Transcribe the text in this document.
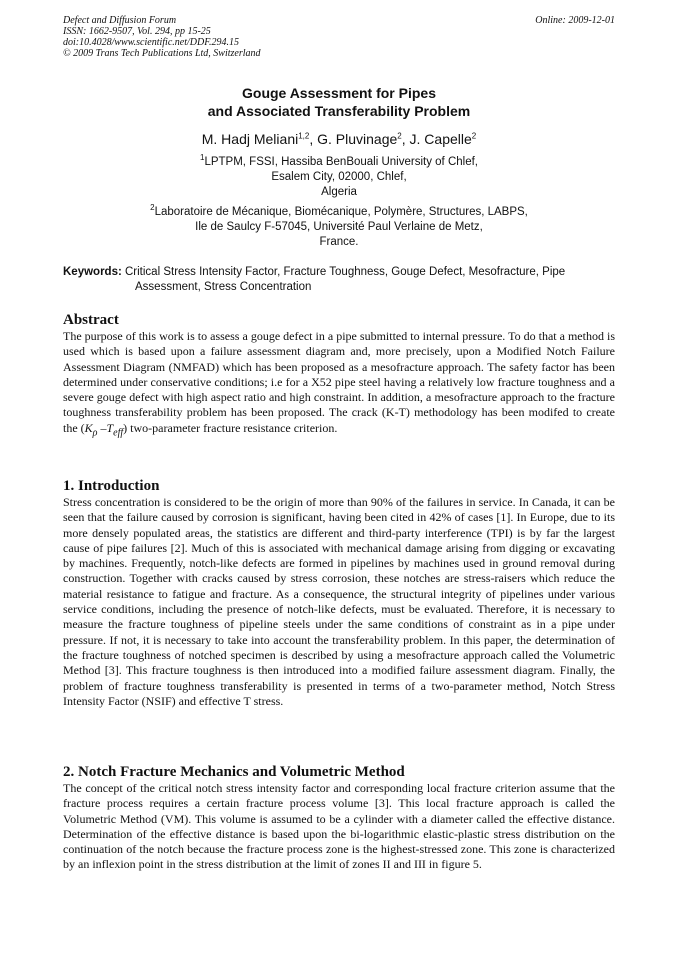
Defect and Diffusion Forum
ISSN: 1662-9507, Vol. 294, pp 15-25
doi:10.4028/www.scientific.net/DDF.294.15
© 2009 Trans Tech Publications Ltd, Switzerland
Online: 2009-12-01
Gouge Assessment for Pipes
and Associated Transferability Problem
M. Hadj Meliani$^{1,2}$, G. Pluvinage$^2$, J. Capelle$^2$
$^1$LPTPM, FSSI, Hassiba BenBouali University of Chlef,
Esalem City, 02000, Chlef,
Algeria
$^2$Laboratoire de Mécanique, Biomécanique, Polymère, Structures, LABPS,
Ile de Saulcy F-57045, Université Paul Verlaine de Metz,
France.
Keywords: Critical Stress Intensity Factor, Fracture Toughness, Gouge Defect, Mesofracture, Pipe
Assessment, Stress Concentration
Abstract

The purpose of this work is to assess a gouge defect in a pipe submitted to internal pressure. To do that a method is used which is based upon a failure assessment diagram and, more precisely, upon a Modified Notch Failure Assessment Diagram (NMFAD) which has been proposed as a mesofracture approach. The safety factor has been determined under conservative conditions; i.e for a X52 pipe steel having a relatively low fracture toughness and a severe gouge defect with high aspect ratio and high constraint. In addition, a mesofracture approach to the fracture toughness transferability problem has been proposed. The crack (K-T) methodology has been modifed to create the ($K_\rho$ $-T_{eff}$) two-parameter fracture resistance criterion.

1. Introduction

Stress concentration is considered to be the origin of more than 90% of the failures in service. In Canada, it can be seen that the failure caused by corrosion is significant, having been cited in 42% of cases [1]. In Europe, due to its more densely populated areas, the statistics are different and third-party interference (TPI) is by far the largest cause of pipe failures [2]. Much of this is associated with mechanical damage arising from digging or excavating by machines. Frequently, notch-like defects are formed in pipelines by machines used in ground removal during construction. Together with cracks caused by stress corrosion, these notches are stress-raisers which reduce the material resistance to fatigue and fracture. As a consequence, the structural integrity of pipelines under various service conditions, including the presence of notch-like defects, must be evaluated. Therefore, it is necessary to measure the fracture toughness of pipeline steels under the same conditions of constraint as in a pipe under pressure. If not, it is necessary to take into account the transferability problem. In this paper, the determination of the fracture toughness of notched specimen is described by using a mesofracture approach called the Volumetric Method [3]. This fracture toughness is then introduced into a modified failure assessment diagram. Finally, the problem of fracture toughness transferability is presented in terms of a two-parameter method, Notch Stress Intensity Factor (NSIF) and effective T stress.

2. Notch Fracture Mechanics and Volumetric Method

The concept of the critical notch stress intensity factor and corresponding local fracture criterion assume that the fracture process requires a certain fracture process volume [3]. This local fracture approach is called the Volumetric Method (VM). This volume is assumed to be a cylinder with a diameter called the effective distance. Determination of the effective distance is based upon the bi-logarithmic elastic-plastic stress distribution on the continuation of the notch because the fracture process zone is the highest-stressed zone. This zone is characterized by an inflexion point in the stress distribution at the limit of zones II and III in figure 5.
